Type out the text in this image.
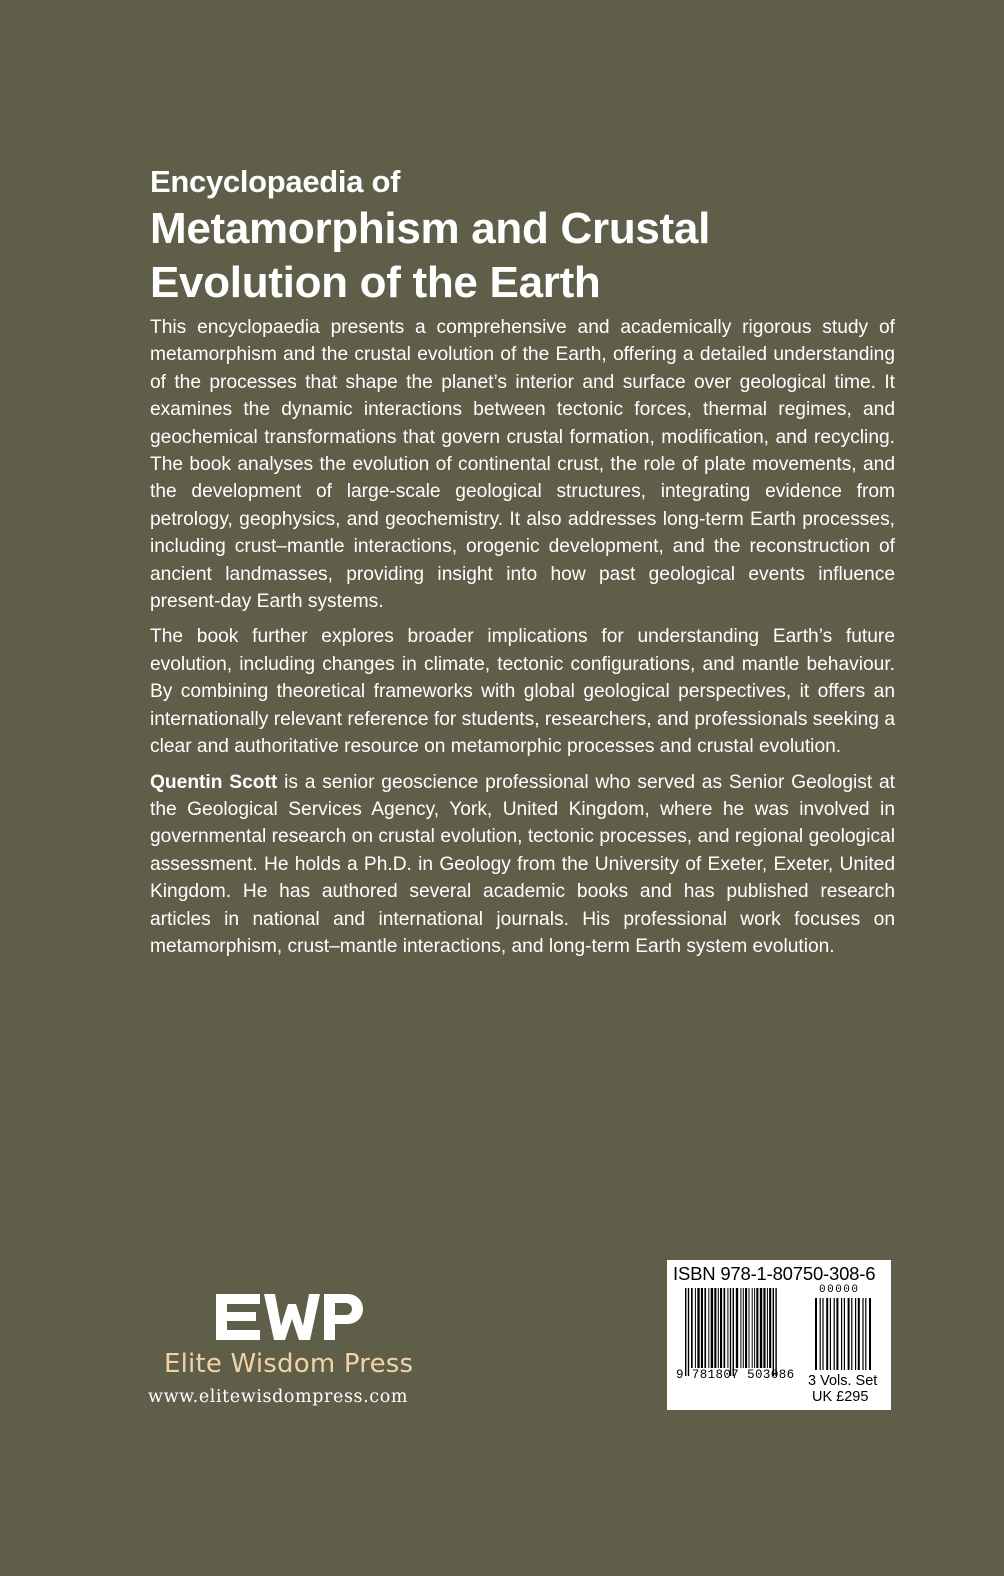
Encyclopaedia of

Metamorphism and Crustal
Evolution of the Earth

This encyclopaedia presents a comprehensive and academically rigorous study of metamorphism and the crustal evolution of the Earth, offering a detailed understanding of the processes that shape the planet’s interior and surface over geological time. It examines the dynamic interactions between tectonic forces, thermal regimes, and geochemical transformations that govern crustal formation, modification, and recycling. The book analyses the evolution of continental crust, the role of plate movements, and the development of large-scale geological structures, integrating evidence from petrology, geophysics, and geochemistry. It also addresses long-term Earth processes, including crust–mantle interactions, orogenic development, and the reconstruction of ancient landmasses, providing insight into how past geological events influence present-day Earth systems.

The book further explores broader implications for understanding Earth’s future evolution, including changes in climate, tectonic configurations, and mantle behaviour. By combining theoretical frameworks with global geological perspectives, it offers an internationally relevant reference for students, researchers, and professionals seeking a clear and authoritative resource on metamorphic processes and crustal evolution.

Quentin Scott is a senior geoscience professional who served as Senior Geologist at the Geological Services Agency, York, United Kingdom, where he was involved in governmental research on crustal evolution, tectonic processes, and regional geological assessment. He holds a Ph.D. in Geology from the University of Exeter, Exeter, United Kingdom. He has authored several academic books and has published research articles in national and international journals. His professional work focuses on metamorphism, crust–mantle interactions, and long-term Earth system evolution.

Elite Wisdom Press
www.elitewisdompress.com
ISBN 978-1-80750-308-6
00000
9 781807 503086 3 Vols. Set
UK £295
